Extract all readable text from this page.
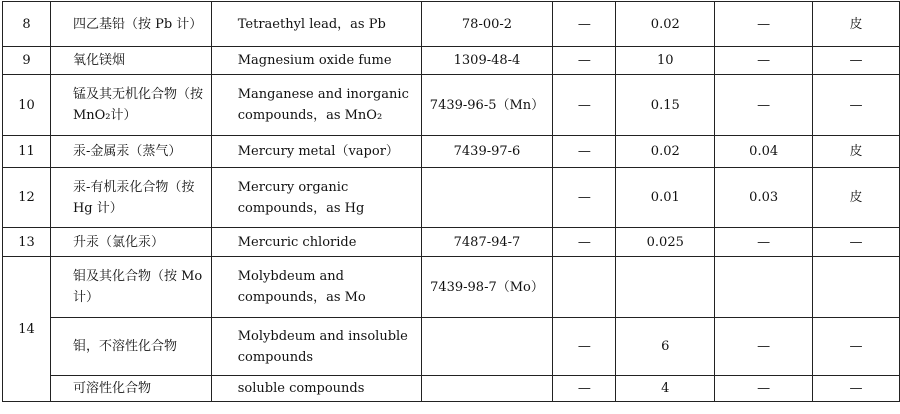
8	四乙基铅（按 Pb 计）	Tetraethyl lead，as Pb	78-00-2	—	0.02	—	皮
9	氧化镁烟	Magnesium oxide fume	1309-48-4	—	10	—	—
10	锰及其无机化合物（按 MnO₂计）	Manganese and inorganic compounds，as MnO₂	7439-96-5（Mn）	—	0.15	—	—
11	汞-金属汞（蒸气）	Mercury metal（vapor）	7439-97-6	—	0.02	0.04	皮
12	汞-有机汞化合物（按 Hg 计）	Mercury organic compounds，as Hg		—	0.01	0.03	皮
13	升汞（氯化汞）	Mercuric chloride	7487-94-7	—	0.025	—	—
14	钼及其化合物（按 Mo 计）	Molybdeum and compounds，as Mo	7439-98-7（Mo）				
	钼，不溶性化合物	Molybdeum and insoluble compounds		—	6	—	—
	可溶性化合物	soluble compounds		—	4	—	—
